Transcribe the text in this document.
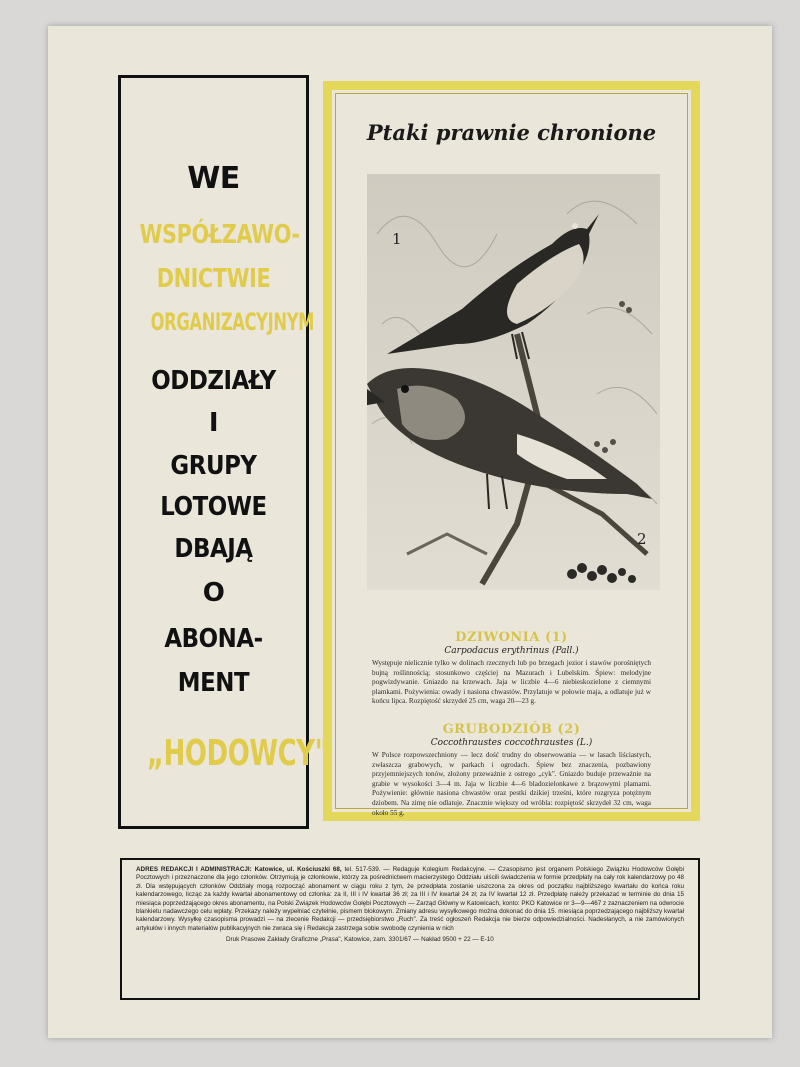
WE
WSPÓŁZAWO-
DNICTWIE
ORGANIZACYJNYM
ODDZIAŁY
I
GRUPY
LOTOWE
DBAJĄ
O
ABONA-
MENT
„HODOWCY"
Ptaki prawnie chronione
1
2
DZIWONIA (1)
Carpodacus erythrinus (Pall.)
Występuje nielicznie tylko w dolinach rzecznych lub po brzegach jezior i stawów porośniętych bujną roślinnością; stosunkowo częściej na Mazurach i Lubelskim. Śpiew: melodyjne pogwizdywanie. Gniazdo na krzewach. Jaja w liczbie 4—6 niebieskozielone z ciemnymi plamkami. Pożywienia: owady i nasiona chwastów. Przylatuje w połowie maja, a odlatuje już w końcu lipca. Rozpiętość skrzydeł 25 cm, waga 20—23 g.
GRUBODZIÓB (2)
Coccothraustes coccothraustes (L.)
W Polsce rozpowszechniony — lecz dość trudny do obserwowania — w lasach liściastych, zwłaszcza grabowych, w parkach i ogrodach. Śpiew bez znaczenia, pozbawiony przyjemniejszych tonów, złożony przeważnie z ostrego „cyk". Gniazdo buduje przeważnie na grabie w wysokości 3—4 m. Jaja w liczbie 4—6 bladozielonkawe z brązowymi plamami. Pożywienie: głównie nasiona chwastów oraz pestki dzikiej trześni, które rozgryza potężnym dziobem. Na zimę nie odlatuje. Znacznie większy od wróbla: rozpiętość skrzydeł 32 cm, waga około 55 g.
ADRES REDAKCJI I ADMINISTRACJI: Katowice, ul. Kościuszki 68, tel. 517-539. — Redaguje Kolegium Redakcyjne. — Czasopismo jest organem Polskiego Związku Hodowców Gołębi Pocztowych i przeznaczone dla jego członków. Otrzymują je członkowie, którzy za pośrednictwem macierzystego Oddziału uiścili świadczenia w formie przedpłaty na cały rok kalendarzowy po 48 zł. Dla wstępujących członków Oddziały mogą rozpocząć abonament w ciągu roku z tym, że przedpłata zostanie uiszczona za okres od początku najbliższego kwartału do końca roku kalendarzowego, licząc za każdy kwartał abonamentowy od członka: za II, III i IV kwartał 36 zł; za III i IV kwartał 24 zł; za IV kwartał 12 zł. Przedpłatę należy przekazać w terminie do dnia 15 miesiąca poprzedzającego okres abonamentu, na Polski Związek Hodowców Gołębi Pocztowych — Zarząd Główny w Katowicach, konto: PKO Katowice nr 3—9—467 z zaznaczeniem na odwrocie blankietu nadawczego celu wpłaty. Przekazy należy wypełniać czytelnie, pismem blokowym. Zmiany adresu wysyłkowego można dokonać do dnia 15. miesiąca poprzedzającego najbliższy kwartał kalendarzowy. Wysyłkę czasopisma prowadzi — na zlecenie Redakcji — przedsiębiorstwo „Ruch". Za treść ogłoszeń Redakcja nie bierze odpowiedzialności. Nadesłanych, a nie zamówionych artykułów i innych materiałów publikacyjnych nie zwraca się i Redakcja zastrzega sobie swobodę czynienia w nich
Druk Prasowe Zakłady Graficzne „Prasa", Katowice, zam. 3301/67 — Nakład 9500 + 22 — E-10
